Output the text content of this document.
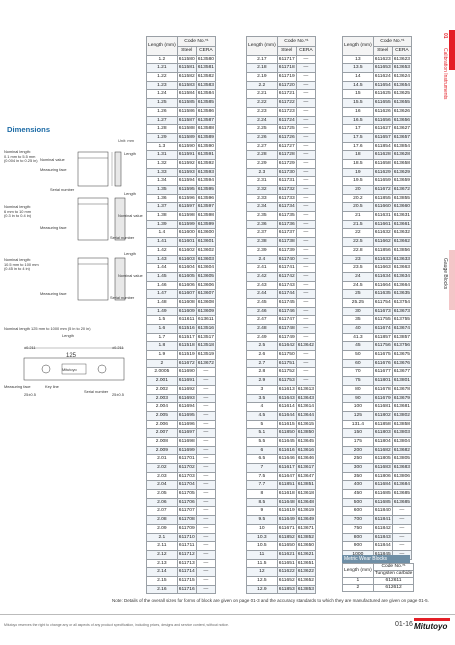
01
Calibration Instruments
Gauge Blocks
Dimensions
Unit: mm
Nominal length:
0.1 mm to 5.5 mm
(0.004 in to 0.25 in) Nominal value
Measuring face
Serial number
Length
Nominal length:
6 mm to 10 mm
(0.3 in to 0.4 in)	Nominal value
Measuring face
Serial number
Length
Nominal length:
10.5 mm to 100 mm
(0.45 in to 4 in)
Nominal value
Measuring face
Serial number
Length
Nominal length 125 mm to 1000 mm (5 in to 20 in)
Length
±0.211	±0.211
125
Mitutoyo
Key line
Measuring face
Serial number
25±0.5	25±0.5
Length (mm)	Code No.*¹	
	Steel	CERA
1.2	611580	613580
1.21	611581	613581
1.22	611582	613582
1.23	611583	613583
1.24	611584	613584
1.25	611585	613585
1.26	611586	613586
1.27	611587	613587
1.28	611588	613588
1.29	611589	613589
1.3	611590	613590
1.31	611591	613591
1.32	611592	613592
1.33	611593	613593
1.34	611594	613594
1.35	611595	613595
1.36	611596	613596
1.37	611597	613597
1.38	611598	613598
1.39	611599	613599
1.4	611600	613600
1.41	611601	613601
1.42	611602	613602
1.43	611603	613603
1.44	611604	613604
1.45	611605	613605
1.46	611606	613606
1.47	611607	613607
1.48	611608	613608
1.49	611609	613609
1.5	611611	613611
1.6	611516	613516
1.7	611517	613517
1.8	611518	613518
1.9	611519	613519
2	611672	613672
2.0005	611690	—
2.001	611691	—
2.002	611692	—
2.003	611693	—
2.004	611694	—
2.005	611695	—
2.006	611696	—
2.007	611697	—
2.008	611698	—
2.009	611699	—
2.01	611701	—
2.02	611702	—
2.03	611703	—
2.04	611704	—
2.05	611705	—
2.06	611706	—
2.07	611707	—
2.08	611708	—
2.09	611709	—
2.1	611710	—
2.11	611711	—
2.12	611712	—
2.13	611713	—
2.14	611714	—
2.15	611715	—
2.16	611716	—
Length (mm)	Code No.*¹	
	Steel	CERA
2.17	611717	—
2.18	611718	—
2.19	611719	—
2.2	611720	—
2.21	611721	—
2.22	611722	—
2.23	611723	—
2.24	611724	—
2.25	611725	—
2.26	611726	—
2.27	611727	—
2.28	611728	—
2.29	611729	—
2.3	611730	—
2.31	611731	—
2.32	611732	—
2.33	611733	—
2.34	611734	—
2.35	611735	—
2.36	611736	—
2.37	611737	—
2.38	611738	—
2.39	611739	—
2.4	611740	—
2.41	611741	—
2.42	611742	—
2.43	611743	—
2.44	611744	—
2.45	611745	—
2.46	611746	—
2.47	611747	—
2.48	611748	—
2.49	611749	—
2.5	611642	613642
2.6	611750	—
2.7	611751	—
2.8	611752	—
2.9	611753	—
3	611613	613613
3.5	611643	613643
4	611614	613614
4.5	611644	613644
5	611615	613615
5.1	611850	613850
5.5	611645	613645
6	611616	613616
6.5	611646	613646
7	611617	613617
7.5	611647	613647
7.7	611851	613851
8	611618	613618
8.5	611648	613648
9	611619	613619
9.5	611649	613649
10	611671	613671
10.3	611852	613852
10.5	611650	613650
11	611621	613621
11.5	611651	613651
12	611622	613622
12.5	611652	613652
12.9	611853	613853
Length (mm)	Code No.*¹	
	Steel	CERA
13	611623	613623
13.5	611653	613653
14	611624	613624
14.5	611654	613654
15	611625	613625
15.5	611655	613655
16	611626	613626
16.5	611656	613656
17	611627	613627
17.5	611657	613657
17.6	611854	613854
18	611628	613628
18.5	611658	613658
19	611629	613629
19.5	611659	613659
20	611672	613672
20.2	611855	613855
20.5	611660	613660
21	611631	613631
21.5	611661	613661
22	611632	613632
22.5	611662	613662
22.8	611856	613856
23	611633	613633
23.5	611663	613663
24	611634	613634
24.5	611664	613664
25	611635	613635
25.25	611754	613754
30	611673	613673
35	611755	613755
40	611674	613674
41.3	611857	613857
45	611756	613756
50	611675	613675
60	611676	613676
70	611677	613677
75	611801	613801
80	611678	613678
90	611679	613679
100	611681	613681
125	611802	613802
131.4	611858	613858
150	611803	613803
175	611804	613804
200	611682	613682
250	611805	613805
300	611683	613683
350	611806	613806
400	611684	613684
450	611685	613685
500	611685	613685
600	611840	—
700	611841	—
750	611842	—
800	611843	—
900	611844	—

Metric Wear Blocks
Length (mm)	Code No.*¹
	Tungsten carbide
1	612611
2	612612
Note: Details of the overall sizes for forms of block are given on page 01-3 and the accuracy standards to which they are manufactured are given on page 01-5.
Mitutoyo reserves the right to change any or all aspects of any product specification, including prices, designs and service content, without notice.	01-16 Mitutoyo
